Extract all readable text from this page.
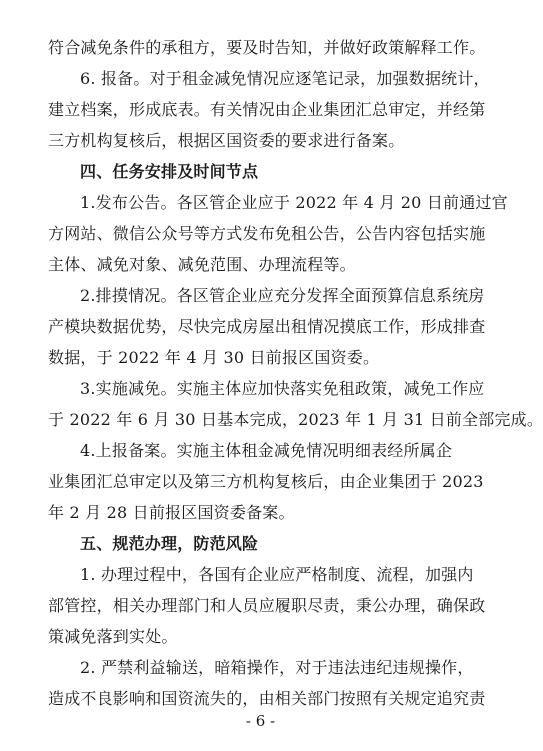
符合减免条件的承租方，要及时告知，并做好政策解释工作。
6. 报备。对于租金减免情况应逐笔记录，加强数据统计，
建立档案，形成底表。有关情况由企业集团汇总审定，并经第
三方机构复核后，根据区国资委的要求进行备案。
四、任务安排及时间节点
1.发布公告。各区管企业应于 2022 年 4 月 20 日前通过官
方网站、微信公众号等方式发布免租公告，公告内容包括实施
主体、减免对象、减免范围、办理流程等。
2.排摸情况。各区管企业应充分发挥全面预算信息系统房
产模块数据优势，尽快完成房屋出租情况摸底工作，形成排查
数据，于 2022 年 4 月 30 日前报区国资委。
3.实施减免。实施主体应加快落实免租政策，减免工作应
于 2022 年 6 月 30 日基本完成，2023 年 1 月 31 日前全部完成。
4.上报备案。实施主体租金减免情况明细表经所属企
业集团汇总审定以及第三方机构复核后，由企业集团于 2023
年 2 月 28 日前报区国资委备案。
五、规范办理，防范风险
1. 办理过程中，各国有企业应严格制度、流程，加强内
部管控，相关办理部门和人员应履职尽责，秉公办理，确保政
策减免落到实处。
2. 严禁利益输送，暗箱操作，对于违法违纪违规操作，
造成不良影响和国资流失的，由相关部门按照有关规定追究责
- 6 -
